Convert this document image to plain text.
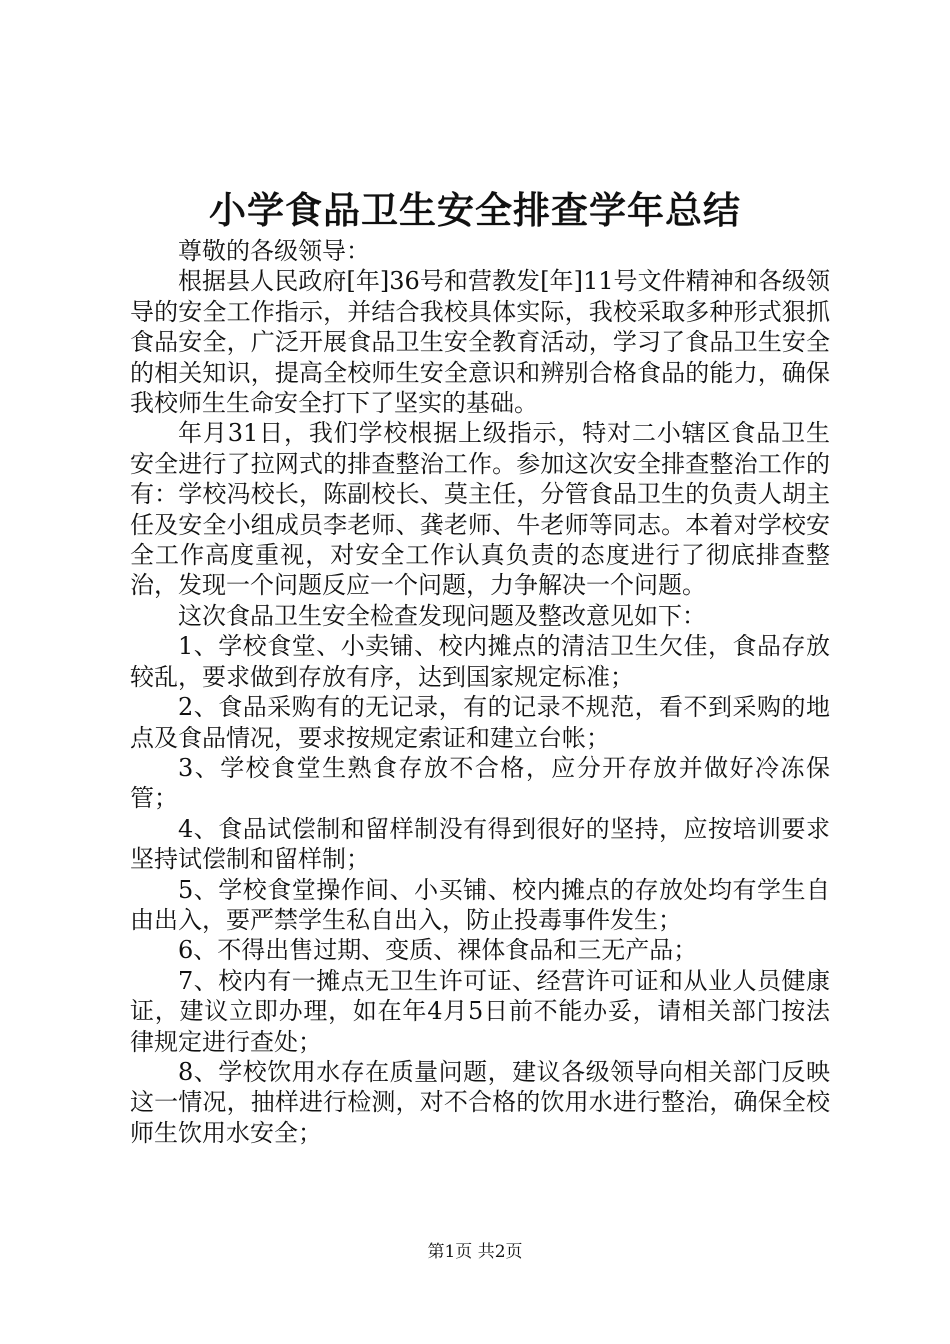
小学食品卫生安全排查学年总结

尊敬的各级领导：

根据县人民政府[年]36号和营教发[年]11号文件精神和各级领导的安全工作指示，并结合我校具体实际，我校采取多种形式狠抓食品安全，广泛开展食品卫生安全教育活动，学习了食品卫生安全的相关知识，提高全校师生安全意识和辨别合格食品的能力，确保我校师生生命安全打下了坚实的基础。

年月31日，我们学校根据上级指示，特对二小辖区食品卫生安全进行了拉网式的排查整治工作。参加这次安全排查整治工作的有：学校冯校长，陈副校长、莫主任，分管食品卫生的负责人胡主任及安全小组成员李老师、龚老师、牛老师等同志。本着对学校安全工作高度重视，对安全工作认真负责的态度进行了彻底排查整治，发现一个问题反应一个问题，力争解决一个问题。

这次食品卫生安全检查发现问题及整改意见如下：

1、学校食堂、小卖铺、校内摊点的清洁卫生欠佳，食品存放较乱，要求做到存放有序，达到国家规定标准；

2、食品采购有的无记录，有的记录不规范，看不到采购的地点及食品情况，要求按规定索证和建立台帐；

3、学校食堂生熟食存放不合格，应分开存放并做好冷冻保管；

4、食品试偿制和留样制没有得到很好的坚持，应按培训要求坚持试偿制和留样制；

5、学校食堂操作间、小买铺、校内摊点的存放处均有学生自由出入，要严禁学生私自出入，防止投毒事件发生；

6、不得出售过期、变质、裸体食品和三无产品；

7、校内有一摊点无卫生许可证、经营许可证和从业人员健康证，建议立即办理，如在年4月5日前不能办妥，请相关部门按法律规定进行查处；

8、学校饮用水存在质量问题，建议各级领导向相关部门反映这一情况，抽样进行检测，对不合格的饮用水进行整治，确保全校师生饮用水安全；

第1页 共2页
